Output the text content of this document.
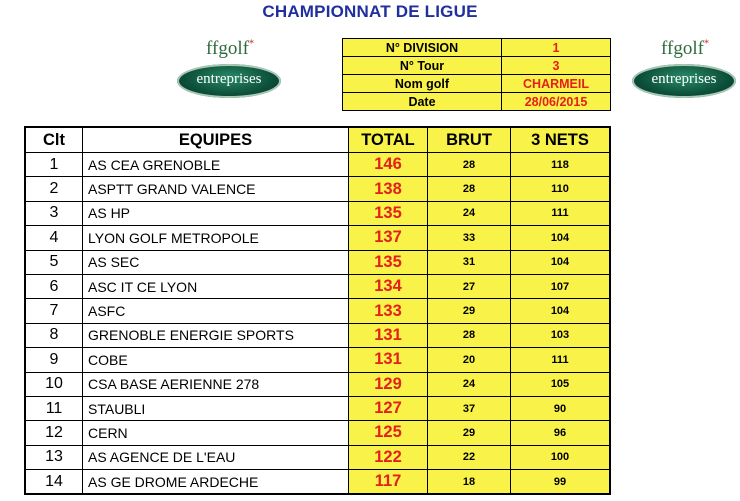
CHAMPIONNAT DE LIGUE
ffgolf*
entreprises
ffgolf*
entreprises
N° DIVISION	1
N° Tour	3
Nom golf	CHARMEIL
Date	28/06/2015
Clt	EQUIPES	TOTAL	BRUT	3 NETS
1	AS CEA GRENOBLE	146	28	118
2	ASPTT GRAND VALENCE	138	28	110
3	AS HP	135	24	111
4	LYON GOLF METROPOLE	137	33	104
5	AS SEC	135	31	104
6	ASC IT CE LYON	134	27	107
7	ASFC	133	29	104
8	GRENOBLE ENERGIE SPORTS	131	28	103
9	COBE	131	20	111
10	CSA BASE AERIENNE 278	129	24	105
11	STAUBLI	127	37	90
12	CERN	125	29	96
13	AS AGENCE DE L'EAU	122	22	100
14	AS GE DROME ARDECHE	117	18	99
